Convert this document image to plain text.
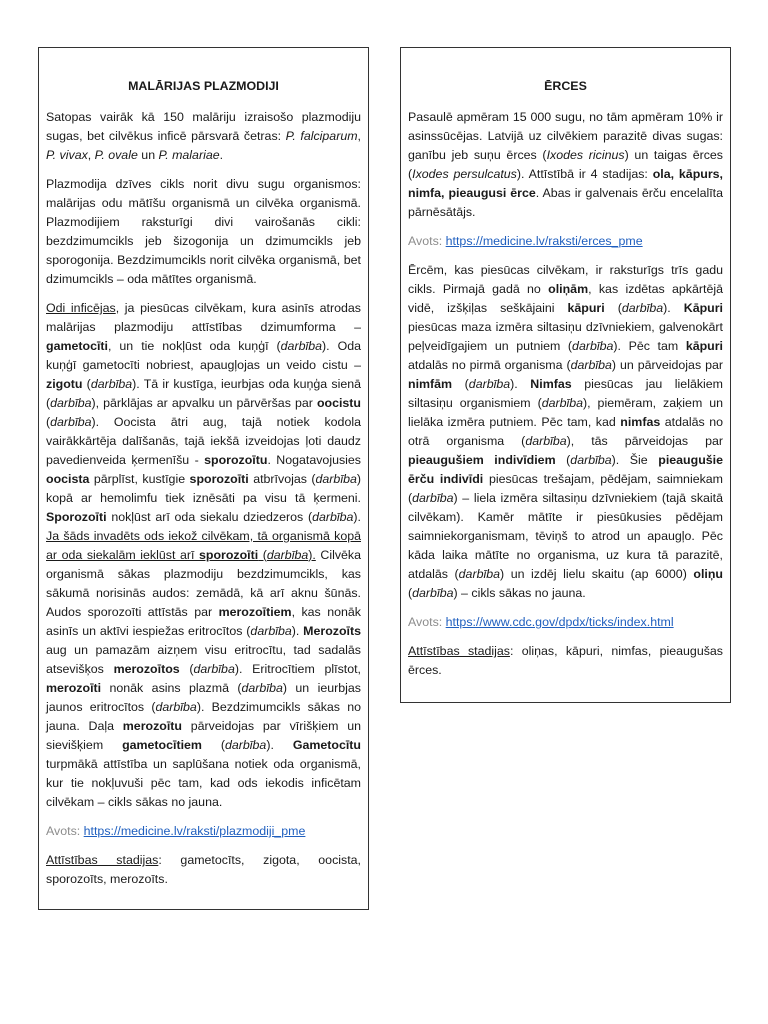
MALĀRIJAS PLAZMODIJI

Satopas vairāk kā 150 malāriju izraisošo plazmodiju sugas, bet cilvēkus inficē pārsvarā četras: P. falciparum, P. vivax, P. ovale un P. malariae.

Plazmodija dzīves cikls norit divu sugu organismos: malārijas odu mātīšu organismā un cilvēka organismā. Plazmodijiem raksturīgi divi vairošanās cikli: bezdzimumcikls jeb šizogonija un dzimumcikls jeb sporogonija. Bezdzimumcikls norit cilvēka organismā, bet dzimumcikls – oda mātītes organismā.

Odi inficējas, ja piesūcas cilvēkam, kura asinīs atrodas malārijas plazmodiju attīstības dzimumforma – gametocīti, un tie nokļūst oda kuņģī (darbība). Oda kuņģī gametocīti nobriest, apaugļojas un veido cistu – zigotu (darbība). Tā ir kustīga, ieurbjas oda kuņģa sienā (darbība), pārklājas ar apvalku un pārvēršas par oocistu (darbība). Oocista ātri aug, tajā notiek kodola vairākkārtēja dalīšanās, tajā iekšā izveidojas ļoti daudz pavedienveida ķermenīšu - sporozoītu. Nogatavojusies oocista pārplīst, kustīgie sporozoīti atbrīvojas (darbība) kopā ar hemolimfu tiek iznēsāti pa visu tā ķermeni. Sporozoīti nokļūst arī oda siekalu dziedzeros (darbība). Ja šāds invadēts ods iekož cilvēkam, tā organismā kopā ar oda siekalām ieklūst arī sporozoīti (darbība). Cilvēka organismā sākas plazmodiju bezdzimumcikls, kas sākumā norisinās audos: zemādā, kā arī aknu šūnās. Audos sporozoīti attīstās par merozoītiem, kas nonāk asinīs un aktīvi iespiežas eritrocītos (darbība). Merozoīts aug un pamazām aizņem visu eritrocītu, tad sadalās atsevišķos merozoītos (darbība). Eritrocītiem plīstot, merozoīti nonāk asins plazmā (darbība) un ieurbjas jaunos eritrocītos (darbība). Bezdzimumcikls sākas no jauna. Daļa merozoītu pārveidojas par vīrišķiem un sievišķiem gametocītiem (darbība). Gametocītu turpmākā attīstība un saplūšana notiek oda organismā, kur tie nokļuvuši pēc tam, kad ods iekodis inficētam cilvēkam – cikls sākas no jauna.

Avots: https://medicine.lv/raksti/plazmodiji_pme

Attīstības stadijas: gametocīts, zigota, oocista, sporozoīts, merozoīts.

ĒRCES

Pasaulē apmēram 15 000 sugu, no tām apmēram 10% ir asinssūcējas. Latvijā uz cilvēkiem parazitē divas sugas: ganību jeb suņu ērces (Ixodes ricinus) un taigas ērces (Ixodes persulcatus). Attīstībā ir 4 stadijas: ola, kāpurs, nimfa, pieaugusi ērce. Abas ir galvenais ērču encelalīta pārnēsātājs.

Avots: https://medicine.lv/raksti/erces_pme

Ērcēm, kas piesūcas cilvēkam, ir raksturīgs trīs gadu cikls. Pirmajā gadā no oliņām, kas izdētas apkārtējā vidē, izšķiļas seškājaini kāpuri (darbība). Kāpuri piesūcas maza izmēra siltasiņu dzīvniekiem, galvenokārt peļveidīgajiem un putniem (darbība). Pēc tam kāpuri atdalās no pirmā organisma (darbība) un pārveidojas par nimfām (darbība). Nimfas piesūcas jau lielākiem siltasiņu organismiem (darbība), piemēram, zaķiem un lielāka izmēra putniem. Pēc tam, kad nimfas atdalās no otrā organisma (darbība), tās pārveidojas par pieaugušiem indivīdiem (darbība). Šie pieaugušie ērču indivīdi piesūcas trešajam, pēdējam, saimniekam (darbība) – liela izmēra siltasiņu dzīvniekiem (tajā skaitā cilvēkam). Kamēr mātīte ir piesūkusies pēdējam saimniekorganismam, tēviņš to atrod un apaugļo. Pēc kāda laika mātīte no organisma, uz kura tā parazitē, atdalās (darbība) un izdēj lielu skaitu (ap 6000) oliņu (darbība) – cikls sākas no jauna.

Avots: https://www.cdc.gov/dpdx/ticks/index.html

Attīstības stadijas: oliņas, kāpuri, nimfas, pieaugušas ērces.
